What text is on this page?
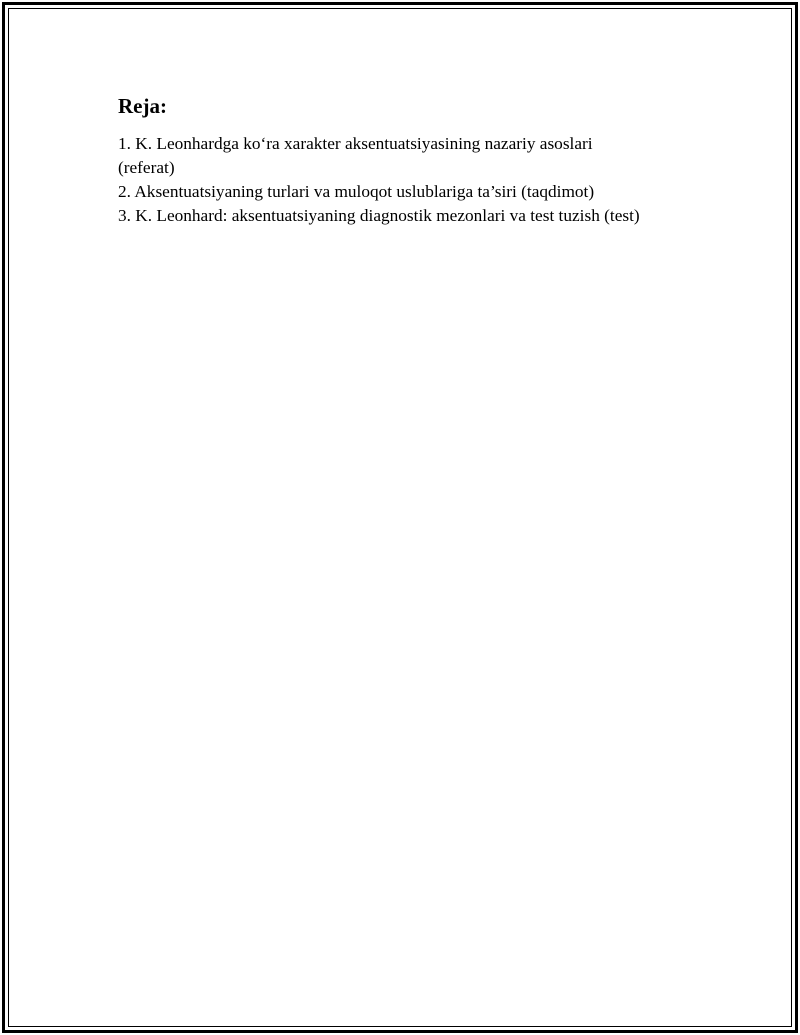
Reja:
1. K. Leonhardga ko‘ra xarakter aksentuatsiyasining nazariy asoslari
(referat)
2. Aksentuatsiyaning turlari va muloqot uslublariga ta’siri (taqdimot)
3. K. Leonhard: aksentuatsiyaning diagnostik mezonlari va test tuzish (test)
